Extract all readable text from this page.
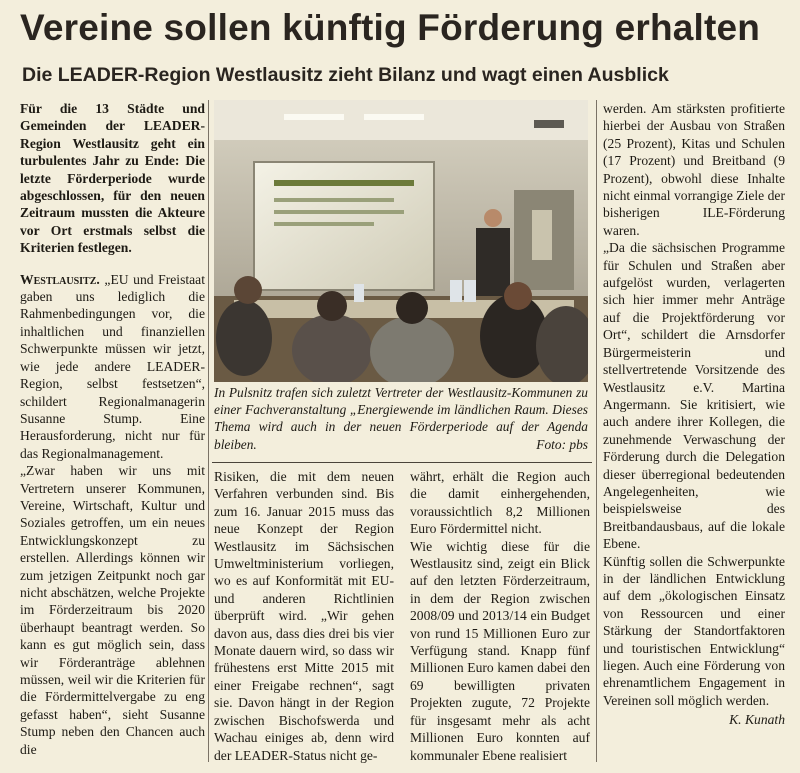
Vereine sollen künftig Förderung erhalten
Die LEADER-Region Westlausitz zieht Bilanz und wagt einen Ausblick

Für die 13 Städte und Gemeinden der LEADER-Region Westlausitz geht ein turbulentes Jahr zu Ende: Die letzte Förderperiode wurde abgeschlossen, für den neuen Zeitraum mussten die Akteure vor Ort erstmals selbst die Kriterien festlegen.

Westlausitz. „EU und Freistaat gaben uns lediglich die Rahmenbedingungen vor, die inhaltlichen und finanziellen Schwerpunkte müssen wir jetzt, wie jede andere LEADER-Region, selbst festsetzen“, schildert Regionalmanagerin Susanne Stump. Eine Herausforderung, nicht nur für das Regionalmanagement.

„Zwar haben wir uns mit Vertretern unserer Kommunen, Vereine, Wirtschaft, Kultur und Soziales getroffen, um ein neues Entwicklungskonzept zu erstellen. Allerdings können wir zum jetzigen Zeitpunkt noch gar nicht abschätzen, welche Projekte im Förderzeitraum bis 2020 überhaupt beantragt werden. So kann es gut möglich sein, dass wir Förderanträge ablehnen müssen, weil wir die Kriterien für die Fördermittelvergabe zu eng gefasst haben“, sieht Susanne Stump neben den Chancen auch die

In Pulsnitz trafen sich zuletzt Vertreter der Westlausitz-Kommunen zu einer Fachveranstaltung „Energiewende im ländlichen Raum. Dieses Thema wird auch in der neuen Förderperiode auf der Agenda bleiben.	Foto: pbs

Risiken, die mit dem neuen Verfahren verbunden sind. Bis zum 16. Januar 2015 muss das neue Konzept der Region Westlausitz im Sächsischen Umweltministerium vorliegen, wo es auf Konformität mit EU- und anderen Richtlinien überprüft wird. „Wir gehen davon aus, dass dies drei bis vier Monate dauern wird, so dass wir frühestens erst Mitte 2015 mit einer Freigabe rechnen“, sagt sie. Davon hängt in der Region zwischen Bischofswerda und Wachau einiges ab, denn wird der LEADER-Status nicht ge-

währt, erhält die Region auch die damit einhergehenden, voraussichtlich 8,2 Millionen Euro Fördermittel nicht.

Wie wichtig diese für die Westlausitz sind, zeigt ein Blick auf den letzten Förderzeitraum, in dem der Region zwischen 2008/09 und 2013/14 ein Budget von rund 15 Millionen Euro zur Verfügung stand. Knapp fünf Millionen Euro kamen dabei den 69 bewilligten privaten Projekten zugute, 72 Projekte für insgesamt mehr als acht Millionen Euro konnten auf kommunaler Ebene realisiert

werden. Am stärksten profitierte hierbei der Ausbau von Straßen (25 Prozent), Kitas und Schulen (17 Prozent) und Breitband (9 Prozent), obwohl diese Inhalte nicht einmal vorrangige Ziele der bisherigen ILE-Förderung waren.

„Da die sächsischen Programme für Schulen und Straßen aber aufgelöst wurden, verlagerten sich hier immer mehr Anträge auf die Projektförderung vor Ort“, schildert die Arnsdorfer Bürgermeisterin und stellvertretende Vorsitzende des Westlausitz e.V. Martina Angermann. Sie kritisiert, wie auch andere ihrer Kollegen, die zunehmende Verwaschung der Förderung durch die Delegation dieser überregional bedeutenden Angelegenheiten, wie beispielsweise des Breitbandausbaus, auf die lokale Ebene.

Künftig sollen die Schwerpunkte in der ländlichen Entwicklung auf dem „ökologischen Einsatz von Ressourcen und einer Stärkung der Standortfaktoren und touristischen Entwicklung“ liegen. Auch eine Förderung von ehrenamtlichem Engagement in Vereinen soll möglich werden.

K. Kunath
